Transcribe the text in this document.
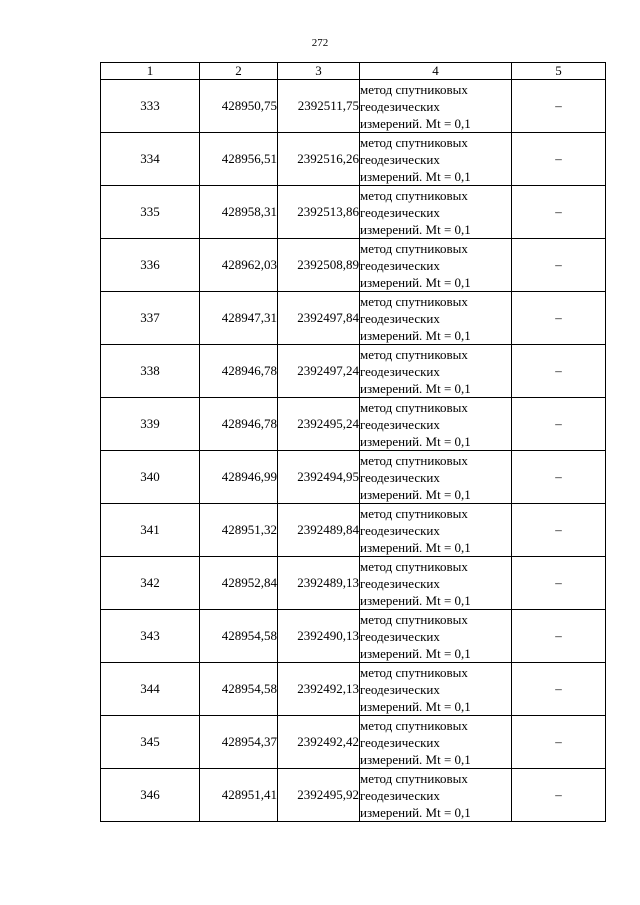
272
1	2	3	4	5
333	428950,75	2392511,75	метод спутниковых
геодезических
измерений. Mt = 0,1	–
334	428956,51	2392516,26	метод спутниковых
геодезических
измерений. Mt = 0,1	–
335	428958,31	2392513,86	метод спутниковых
геодезических
измерений. Mt = 0,1	–
336	428962,03	2392508,89	метод спутниковых
геодезических
измерений. Mt = 0,1	–
337	428947,31	2392497,84	метод спутниковых
геодезических
измерений. Mt = 0,1	–
338	428946,78	2392497,24	метод спутниковых
геодезических
измерений. Mt = 0,1	–
339	428946,78	2392495,24	метод спутниковых
геодезических
измерений. Mt = 0,1	–
340	428946,99	2392494,95	метод спутниковых
геодезических
измерений. Mt = 0,1	–
341	428951,32	2392489,84	метод спутниковых
геодезических
измерений. Mt = 0,1	–
342	428952,84	2392489,13	метод спутниковых
геодезических
измерений. Mt = 0,1	–
343	428954,58	2392490,13	метод спутниковых
геодезических
измерений. Mt = 0,1	–
344	428954,58	2392492,13	метод спутниковых
геодезических
измерений. Mt = 0,1	–
345	428954,37	2392492,42	метод спутниковых
геодезических
измерений. Mt = 0,1	–
346	428951,41	2392495,92	метод спутниковых
геодезических
измерений. Mt = 0,1	–
